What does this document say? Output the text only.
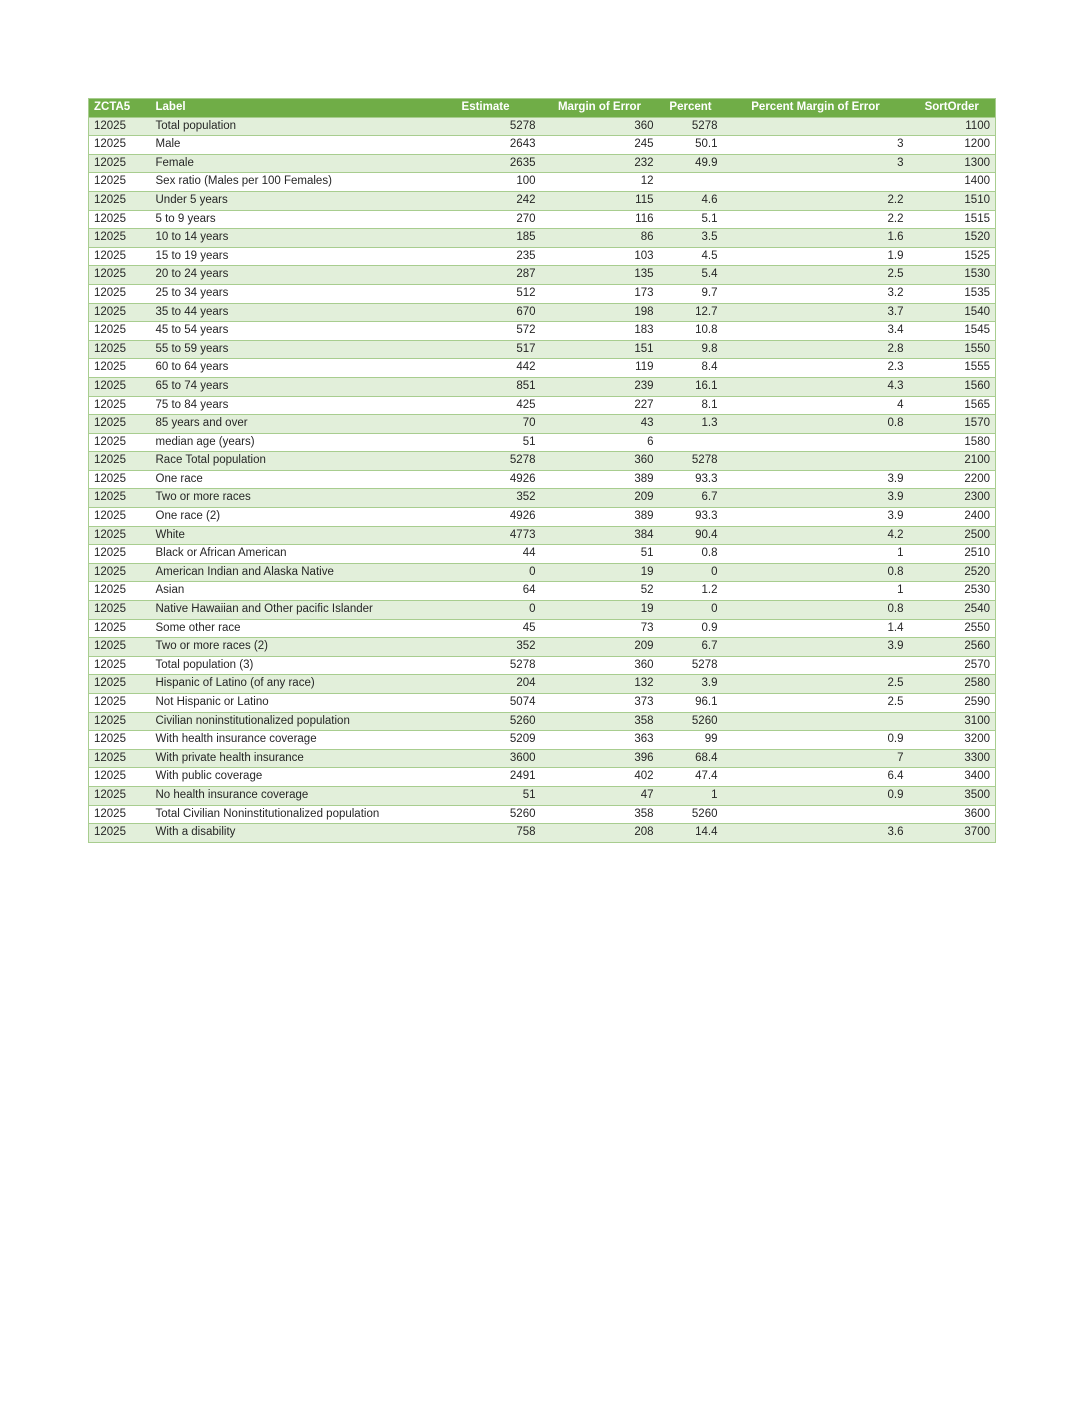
ZCTA5	Label	Estimate	Margin of Error	Percent	Percent Margin of Error	SortOrder
12025	Total population	5278	360	5278		1100
12025	Male	2643	245	50.1	3	1200
12025	Female	2635	232	49.9	3	1300
12025	Sex ratio (Males per 100 Females)	100	12			1400
12025	Under 5 years	242	115	4.6	2.2	1510
12025	5 to 9 years	270	116	5.1	2.2	1515
12025	10 to 14 years	185	86	3.5	1.6	1520
12025	15 to 19 years	235	103	4.5	1.9	1525
12025	20 to 24 years	287	135	5.4	2.5	1530
12025	25 to 34 years	512	173	9.7	3.2	1535
12025	35 to 44 years	670	198	12.7	3.7	1540
12025	45 to 54 years	572	183	10.8	3.4	1545
12025	55 to 59 years	517	151	9.8	2.8	1550
12025	60 to 64 years	442	119	8.4	2.3	1555
12025	65 to 74 years	851	239	16.1	4.3	1560
12025	75 to 84 years	425	227	8.1	4	1565
12025	85 years and over	70	43	1.3	0.8	1570
12025	median age (years)	51	6			1580
12025	Race Total population	5278	360	5278		2100
12025	One race	4926	389	93.3	3.9	2200
12025	Two or more races	352	209	6.7	3.9	2300
12025	One race (2)	4926	389	93.3	3.9	2400
12025	White	4773	384	90.4	4.2	2500
12025	Black or African American	44	51	0.8	1	2510
12025	American Indian and Alaska Native	0	19	0	0.8	2520
12025	Asian	64	52	1.2	1	2530
12025	Native Hawaiian and Other pacific Islander	0	19	0	0.8	2540
12025	Some other race	45	73	0.9	1.4	2550
12025	Two or more races (2)	352	209	6.7	3.9	2560
12025	Total population (3)	5278	360	5278		2570
12025	Hispanic of Latino (of any race)	204	132	3.9	2.5	2580
12025	Not Hispanic or Latino	5074	373	96.1	2.5	2590
12025	Civilian noninstitutionalized population	5260	358	5260		3100
12025	With health insurance coverage	5209	363	99	0.9	3200
12025	With private health insurance	3600	396	68.4	7	3300
12025	With public coverage	2491	402	47.4	6.4	3400
12025	No health insurance coverage	51	47	1	0.9	3500
12025	Total Civilian Noninstitutionalized population	5260	358	5260		3600
12025	With a disability	758	208	14.4	3.6	3700
